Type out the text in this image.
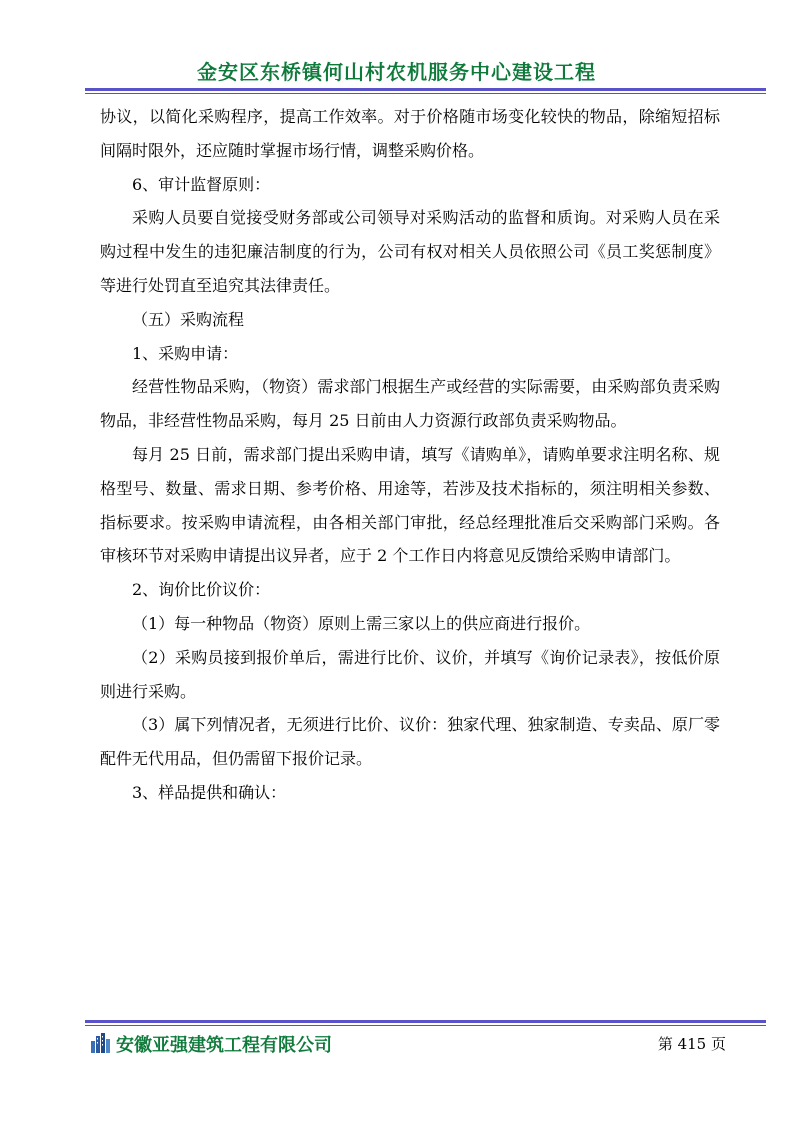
金安区东桥镇何山村农机服务中心建设工程

协议，以简化采购程序，提高工作效率。对于价格随市场变化较快的物品，除缩短招标间隔时限外，还应随时掌握市场行情，调整采购价格。

6、审计监督原则：

采购人员要自觉接受财务部或公司领导对采购活动的监督和质询。对采购人员在采购过程中发生的违犯廉洁制度的行为，公司有权对相关人员依照公司《员工奖惩制度》等进行处罚直至追究其法律责任。

（五）采购流程

1、采购申请：

经营性物品采购，（物资）需求部门根据生产或经营的实际需要，由采购部负责采购物品，非经营性物品采购，每月 25 日前由人力资源行政部负责采购物品。

每月 25 日前，需求部门提出采购申请，填写《请购单》，请购单要求注明名称、规格型号、数量、需求日期、参考价格、用途等，若涉及技术指标的，须注明相关参数、指标要求。按采购申请流程，由各相关部门审批，经总经理批准后交采购部门采购。各审核环节对采购申请提出议异者，应于 2 个工作日内将意见反馈给采购申请部门。

2、询价比价议价：

（1）每一种物品（物资）原则上需三家以上的供应商进行报价。

（2）采购员接到报价单后，需进行比价、议价，并填写《询价记录表》，按低价原则进行采购。

（3）属下列情况者，无须进行比价、议价：独家代理、独家制造、专卖品、原厂零配件无代用品，但仍需留下报价记录。

3、样品提供和确认：

安徽亚强建筑工程有限公司	第 415 页
